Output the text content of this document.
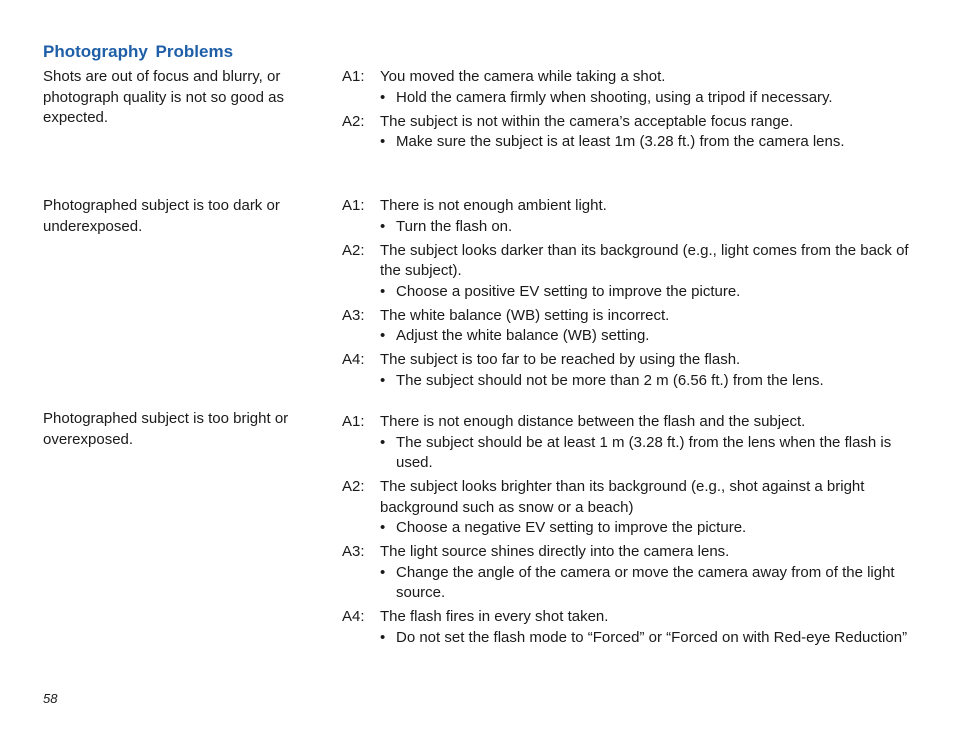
Photography Problems
Shots are out of focus and blurry, or photograph quality is not so good as expected.
A1:	You moved the camera while taking a shot.
• Hold the camera firmly when shooting, using a tripod if necessary.
A2:	The subject is not within the camera’s acceptable focus range.
• Make sure the subject is at least 1m (3.28 ft.) from the camera lens.
Photographed subject is too dark or underexposed.
A1:	There is not enough ambient light.
• Turn the flash on.
A2:	The subject looks darker than its background (e.g., light comes from the back of the subject).
• Choose a positive EV setting to improve the picture.
A3:	The white balance (WB) setting is incorrect.
• Adjust the white balance (WB) setting.
A4:	The subject is too far to be reached by using the flash.
• The subject should not be more than 2 m (6.56 ft.) from the lens.
Photographed subject is too bright or overexposed.
A1:	There is not enough distance between the flash and the subject.
• The subject should be at least 1 m (3.28 ft.) from the lens when the flash is used.
A2:	The subject looks brighter than its background (e.g., shot against a bright background such as snow or a beach)
• Choose a negative EV setting to improve the picture.
A3:	The light source shines directly into the camera lens.
• Change the angle of the camera or move the camera away from of the light source.
A4:	The flash fires in every shot taken.
• Do not set the flash mode to “Forced” or “Forced on with Red-eye Reduction”
58
